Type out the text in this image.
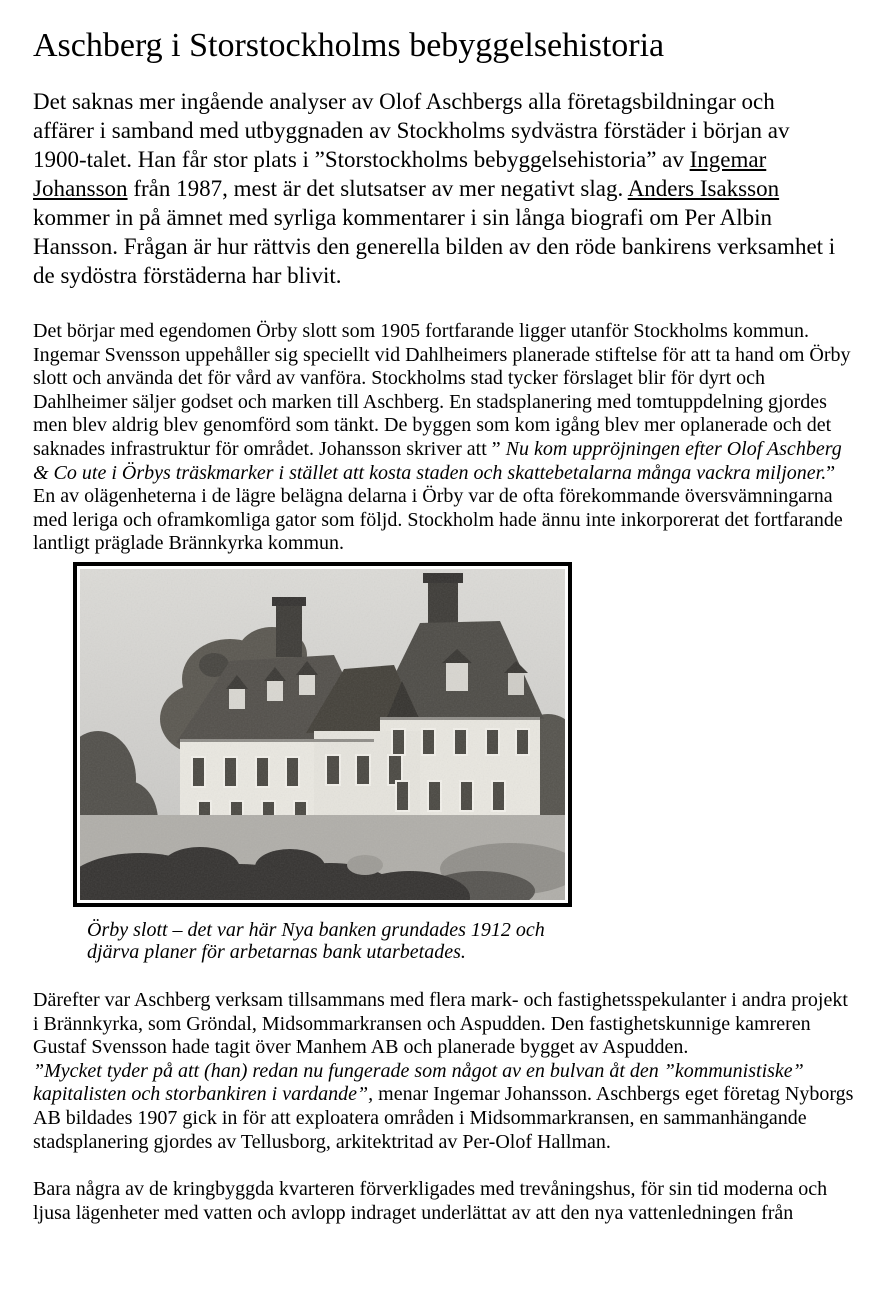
Aschberg i Storstockholms bebyggelsehistoria

Det saknas mer ingående analyser av Olof Aschbergs alla företagsbildningar och affärer i samband med utbyggnaden av Stockholms sydvästra förstäder i början av 1900-talet. Han får stor plats i ”Storstockholms bebyggelsehistoria” av Ingemar Johansson från 1987, mest är det slutsatser av mer negativt slag. Anders Isaksson kommer in på ämnet med syrliga kommentarer i sin långa biografi om Per Albin Hansson. Frågan är hur rättvis den generella bilden av den röde bankirens verksamhet i de sydöstra förstäderna har blivit.

Det börjar med egendomen Örby slott som 1905 fortfarande ligger utanför Stockholms kommun. Ingemar Svensson uppehåller sig speciellt vid Dahlheimers planerade stiftelse för att ta hand om Örby slott och använda det för vård av vanföra. Stockholms stad tycker förslaget blir för dyrt och Dahlheimer säljer godset och marken till Aschberg. En stadsplanering med tomtuppdelning gjordes men blev aldrig blev genomförd som tänkt. De byggen som kom igång blev mer oplanerade och det saknades infrastruktur för området. Johansson skriver att ” Nu kom uppröjningen efter Olof Aschberg & Co ute i Örbys träskmarker i stället att kosta staden och skattebetalarna många vackra miljoner.”
En av olägenheterna i de lägre belägna delarna i Örby var de ofta förekommande översvämningarna med leriga och oframkomliga gator som följd. Stockholm hade ännu inte inkorporerat det fortfarande lantligt präglade Brännkyrka kommun.

Örby slott – det var här Nya banken grundades 1912 och
djärva planer för arbetarnas bank utarbetades.

Därefter var Aschberg verksam tillsammans med flera mark- och fastighetsspekulanter i andra projekt i Brännkyrka, som Gröndal, Midsommarkransen och Aspudden. Den fastighetskunnige kamreren Gustaf Svensson hade tagit över Manhem AB och planerade bygget av Aspudden.
”Mycket tyder på att (han) redan nu fungerade som något av en bulvan åt den ”kommunistiske” kapitalisten och storbankiren i vardande”, menar Ingemar Johansson. Aschbergs eget företag Nyborgs AB bildades 1907 gick in för att exploatera områden i Midsommarkransen, en sammanhängande stadsplanering gjordes av Tellusborg, arkitektritad av Per-Olof Hallman.

Bara några av de kringbyggda kvarteren förverkligades med trevåningshus, för sin tid moderna och ljusa lägenheter med vatten och avlopp indraget underlättat av att den nya vattenledningen från
